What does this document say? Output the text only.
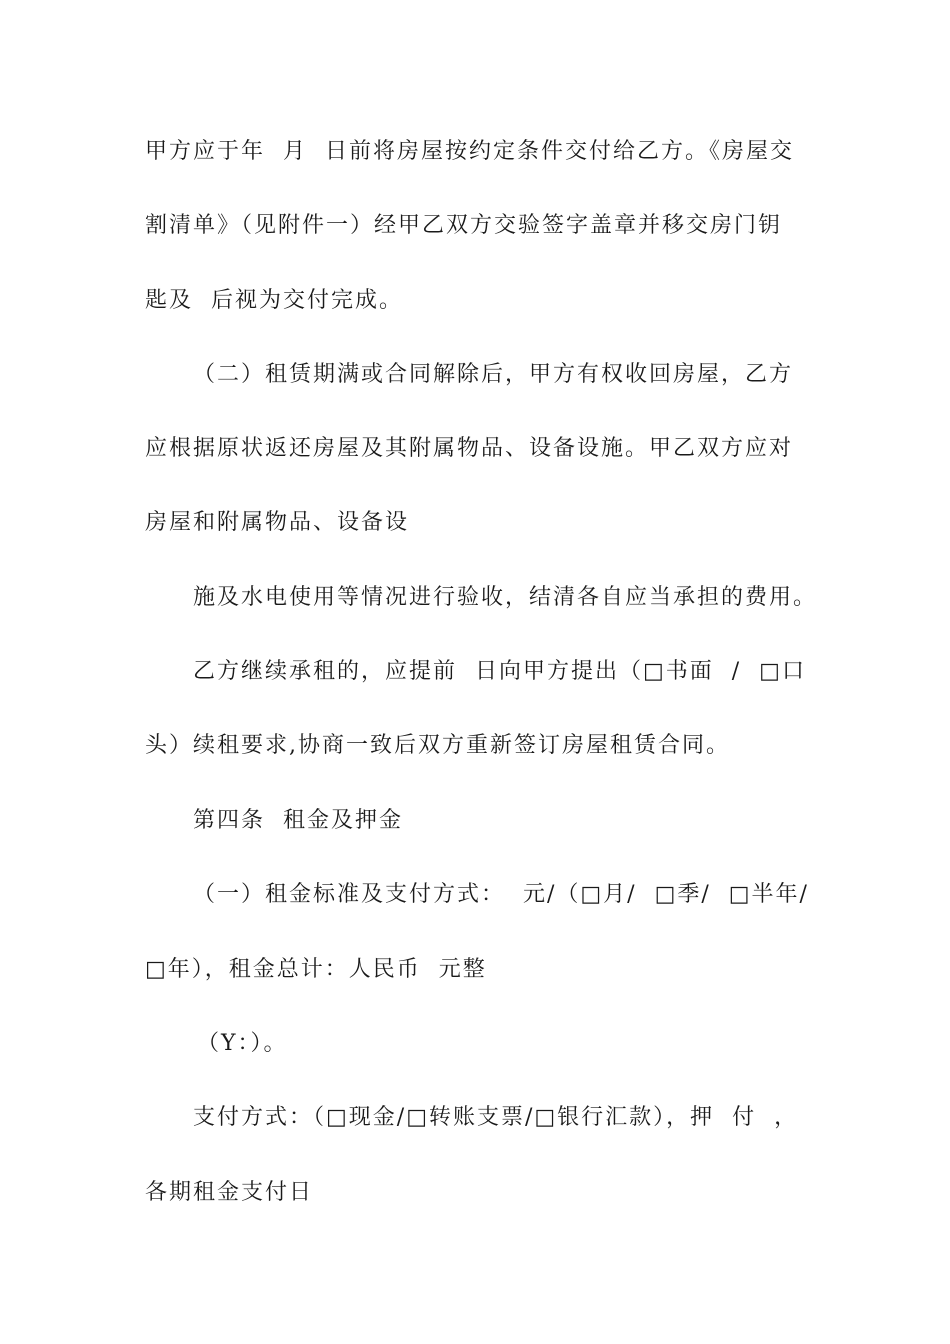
甲方应于年  月  日前将房屋按约定条件交付给乙方。《房屋交
割清单》（见附件一）经甲乙双方交验签字盖章并移交房门钥
匙及  后视为交付完成。
（二）租赁期满或合同解除后，甲方有权收回房屋，乙方
应根据原状返还房屋及其附属物品、设备设施。甲乙双方应对
房屋和附属物品、设备设
施及水电使用等情况进行验收，结清各自应当承担的费用。
乙方继续承租的，应提前  日向甲方提出（□书面  /  □口
头）续租要求,协商一致后双方重新签订房屋租赁合同。
第四条  租金及押金
（一）租金标准及支付方式：  元/（□月/  □季/  □半年/
□年），租金总计：人民币  元整
（Y：）。
支付方式：（□现金/□转账支票/□银行汇款），押  付  ，
各期租金支付日
